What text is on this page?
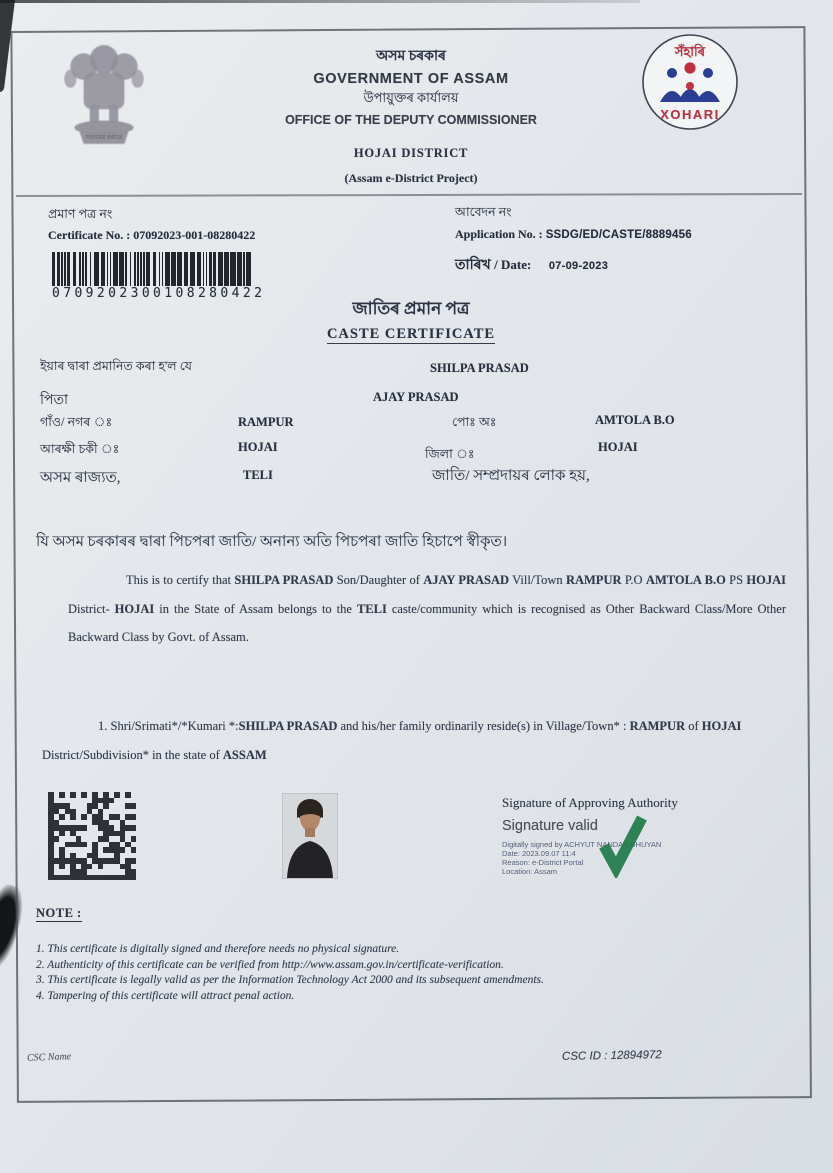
সত্যমেৱ জয়তে
সঁহাৰি
XOHARI
অসম চৰকাৰ
GOVERNMENT OF ASSAM
উপায়ুক্তৰ কাৰ্যালয়
OFFICE OF THE DEPUTY COMMISSIONER
HOJAI DISTRICT
(Assam e-District Project)
প্ৰমাণ পত্ৰ নং
Certificate No. : 07092023-001-08280422
0709202300108280422
আবেদন নং
Application No. : SSDG/ED/CASTE/8889456
তাৰিখ / Date: 07-09-2023
জাতিৰ প্ৰমান পত্ৰ
CASTE CERTIFICATE
ইয়াৰ দ্বাৰা প্ৰমানিত কৰা হ'ল যে	SHILPA PRASAD
পিতা	AJAY PRASAD
গাঁও/ নগৰ ঃ	RAMPUR	পোঃ অঃ	AMTOLA B.O
আৰক্ষী চকী ঃ	HOJAI	জিলা ঃ	HOJAI
অসম ৰাজ্যত,	TELI	জাতি/ সম্প্ৰদায়ৰ লোক হয়,
যি অসম চৰকাৰৰ দ্বাৰা পিচপৰা জাতি/ অনান্য অতি পিচপৰা জাতি হিচাপে স্বীকৃত।

This is to certify that SHILPA PRASAD Son/Daughter of AJAY PRASAD Vill/Town RAMPUR P.O AMTOLA B.O PS HOJAI District- HOJAI in the State of Assam belongs to the TELI caste/community which is recognised as Other Backward Class/More Other Backward Class by Govt. of Assam.

1. Shri/Srimati*/*Kumari *:SHILPA PRASAD and his/her family ordinarily reside(s) in Village/Town* : RAMPUR of HOJAI District/Subdivision* in the state of ASSAM

Signature of Approving Authority
Signature valid
Digitally signed by ACHYUT NANDAN BHUYAN
Date: 2023.09.07 11:4
Reason: e-District Portal
Location: Assam
NOTE :
1. This certificate is digitally signed and therefore needs no physical signature.
2. Authenticity of this certificate can be verified from http://www.assam.gov.in/certificate-verification.
3. This certificate is legally valid as per the Information Technology Act 2000 and its subsequent amendments.
4. Tampering of this certificate will attract penal action.
CSC Name	CSC ID : 12894972
